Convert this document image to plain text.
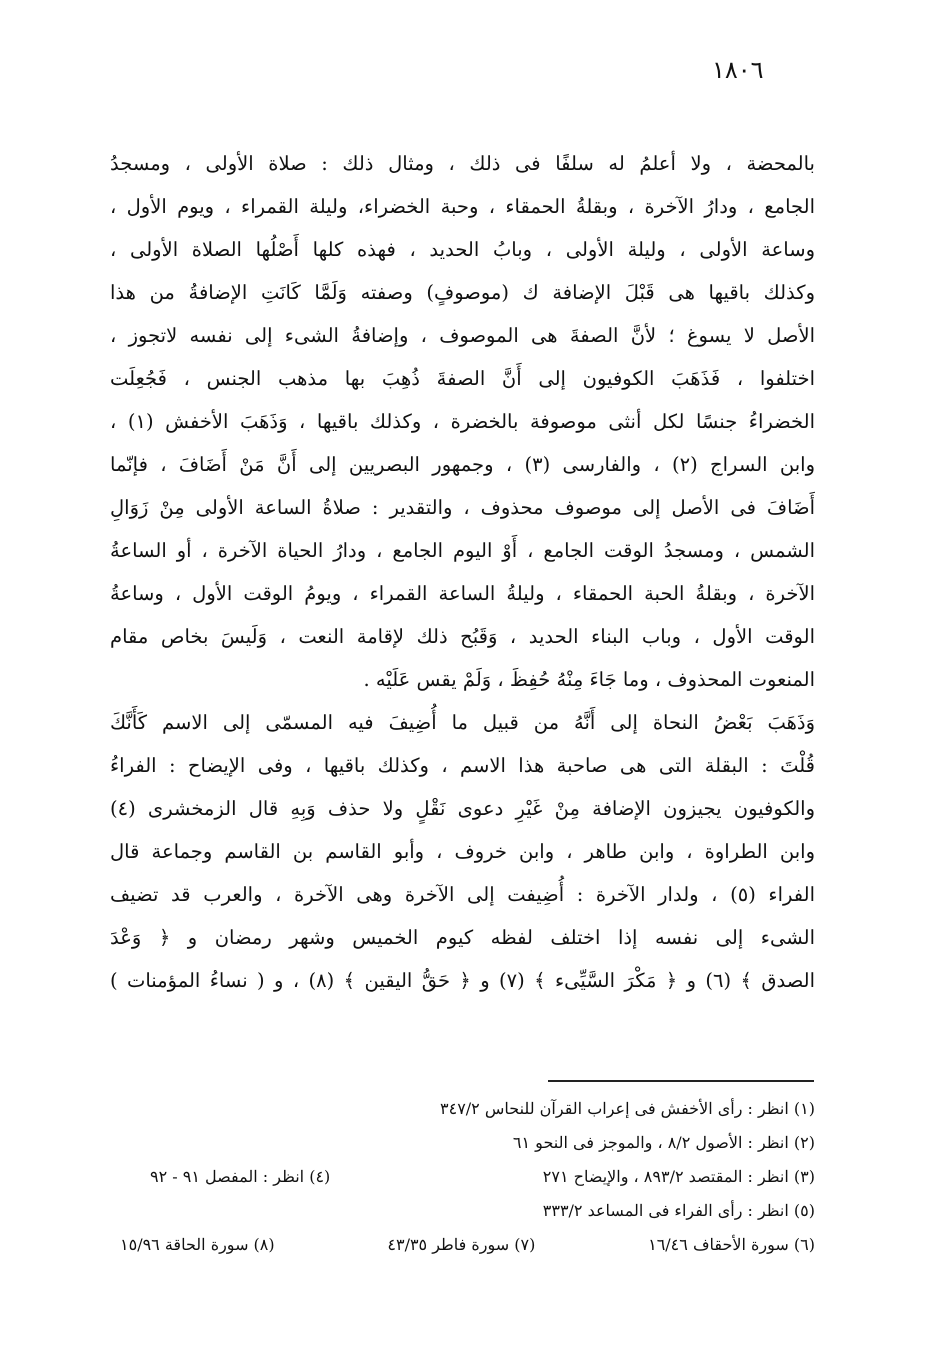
١٨٠٦
بالمحضة ، ولا أعلمُ له سلفًا فى ذلك ، ومثال ذلك : صلاة الأولى ، ومسجدُ
الجامع ، ودارُ الآخرة ، وبقلةُ الحمقاء ، وحبة الخضراء، وليلة القمراء ، ويوم الأول ،
وساعة الأولى ، وليلة الأولى ، وبابُ الحديد ، فهذه كلها أَصْلُها الصلاة الأولى ،
وكذلك باقيها هى قَبْلَ الإضافة ك (موصوفٍ) وصفته وَلَمَّا كَانَتِ الإضافةُ من هذا
الأصل لا يسوغ ؛ لأنَّ الصفةَ هى الموصوف ، وإضافةُ الشىء إلى نفسه لاتجوز ،
اختلفوا ، فَذَهَبَ الكوفيون إلى أَنَّ الصفةَ ذُهِبَ بها مذهب الجنس ، فَجُعِلَت
الخضراءُ جنسًا لكل أنثى موصوفة بالخضرة ، وكذلك باقيها ، وَذَهَبَ الأخفش (١) ،
وابن السراج (٢) ، والفارسى (٣) ، وجمهور البصريين إلى أَنَّ مَنْ أَضَافَ ، فإنّما
أَضَافَ فى الأصل إلى موصوف محذوف ، والتقدير : صلاةُ الساعة الأولى مِنْ زَوَالِ
الشمس ، ومسجدُ الوقت الجامع ، أَوْ اليوم الجامع ، ودارُ الحياة الآخرة ، أو الساعةُ
الآخرة ، وبقلةُ الحبة الحمقاء ، وليلةُ الساعة القمراء ، ويومُ الوقت الأول ، وساعةُ
الوقت الأول ، وباب البناء الحديد ، وَقَبُح ذلك لإقامة النعت ، وَلَيسَ بخاص مقام
المنعوت المحذوف ، وما جَاءَ مِنْهُ حُفِظَ ، وَلَمْ يقس عَلَيْه .
وَذَهَبَ بَعْضُ النحاة إلى أَنَّهُ من قبيل ما أُضِيفَ فيه المسمّى إلى الاسم كَأَنَّكَ
قُلْتَ : البقلة التى هى صاحبة هذا الاسم ، وكذلك باقيها ، وفى الإيضاح : الفراءُ
والكوفيون يجيزون الإضافة مِنْ غَيْرِ دعوى نَقْلٍ ولا حذف وَبِهِ قال الزمخشرى (٤)
وابن الطراوة ، وابن طاهر ، وابن خروف ، وأبو القاسم بن القاسم وجماعة قال
الفراء (٥) ، ولدار الآخرة : أُضِيفت إلى الآخرة وهى الآخرة ، والعرب قد تضيف
الشىء إلى نفسه إذا اختلف لفظه كيوم الخميس وشهر رمضان و ﴿ وَعْدَ
الصدق ﴾ (٦) و ﴿ مَكْرَ السَّيِّىء ﴾ (٧) و ﴿ حَقُّ اليقين ﴾ (٨) ، و ( نساءُ المؤمنات )
(١) انظر : رأى الأخفش فى إعراب القرآن للنحاس ٣٤٧/٢
(٢) انظر : الأصول ٨/٢ ، والموجز فى النحو ٦١
(٣) انظر : المقتصد ٨٩٣/٢ ، والإيضاح ٢٧١
(٤) انظر : المفصل ٩١ - ٩٢
(٥) انظر : رأى الفراء فى المساعد ٣٣٣/٢
(٦) سورة الأحقاف ١٦/٤٦
(٧) سورة فاطر ٤٣/٣٥
(٨) سورة الحاقة ١٥/٩٦
